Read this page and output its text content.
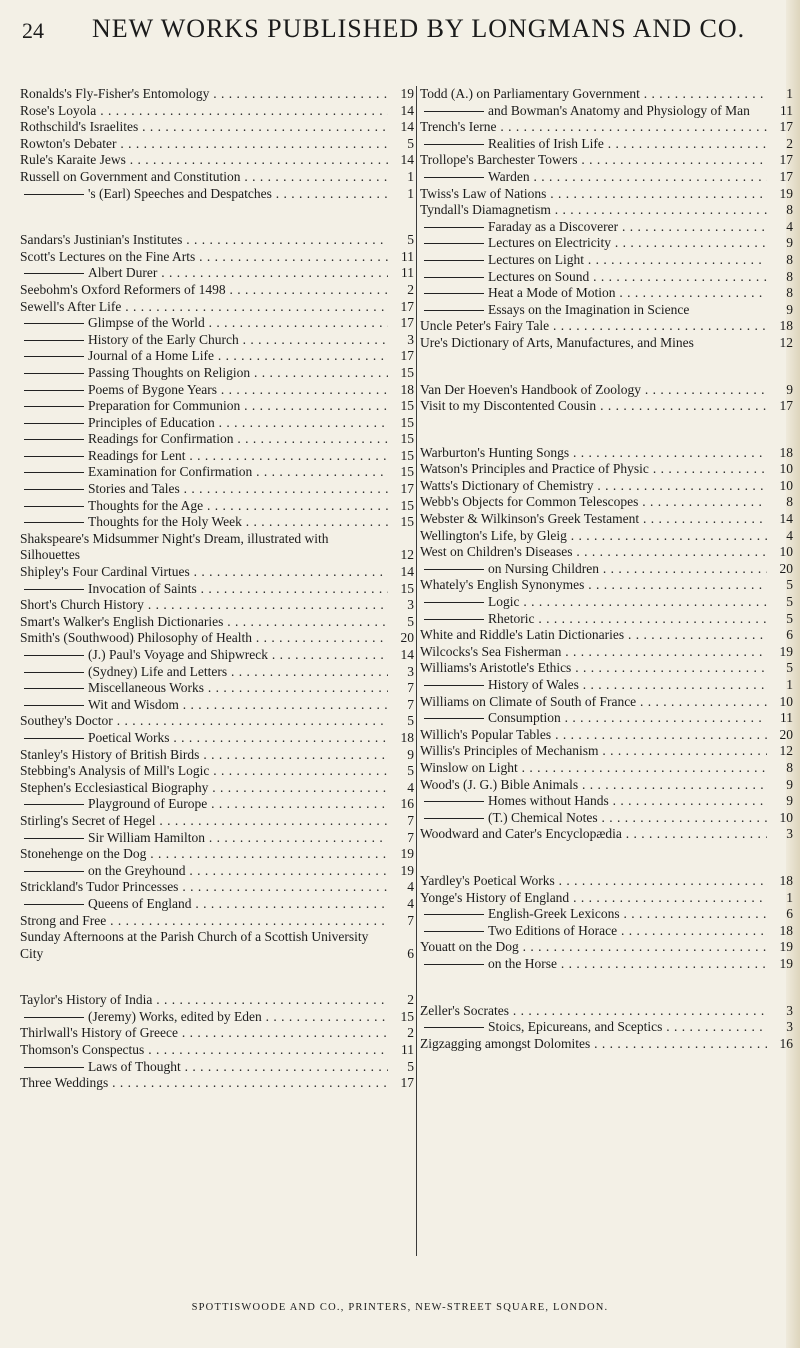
24 NEW WORKS PUBLISHED BY LONGMANS AND CO.
Ronalds's Fly-Fisher's Entomology . . .	19
Rose's Loyola . . .	14
Rothschild's Israelites . . .	14
Rowton's Debater . . .	5
Rule's Karaite Jews . . .	14
Russell on Government and Constitution . . .	1
's (Earl) Speeches and Despatches . . .	1
Sandars's Justinian's Institutes . . .	5
Scott's Lectures on the Fine Arts . . .	11
Albert Durer . . .	11
Seebohm's Oxford Reformers of 1498 . . .	2
Sewell's After Life . . .	17
Glimpse of the World . . .	17
History of the Early Church . . .	3
Journal of a Home Life . . .	17
Passing Thoughts on Religion . . .	15
Poems of Bygone Years . . .	18
Preparation for Communion . . .	15
Principles of Education . . .	15
Readings for Confirmation . . .	15
Readings for Lent . . .	15
Examination for Confirmation . . .	15
Stories and Tales . . .	17
Thoughts for the Age . . .	15
Thoughts for the Holy Week . . .	15
Shakspeare's Midsummer Night's Dream, illustrated with Silhouettes	12
Shipley's Four Cardinal Virtues . . .	14
Invocation of Saints . . .	15
Short's Church History . . .	3
Smart's Walker's English Dictionaries . . .	5
Smith's (Southwood) Philosophy of Health . . .	20
(J.) Paul's Voyage and Shipwreck . . .	14
(Sydney) Life and Letters . . .	3
Miscellaneous Works . . .	7
Wit and Wisdom . . .	7
Southey's Doctor . . .	5
Poetical Works . . .	18
Stanley's History of British Birds . . .	9
Stebbing's Analysis of Mill's Logic . . .	5
Stephen's Ecclesiastical Biography . . .	4
Playground of Europe . . .	16
Stirling's Secret of Hegel . . .	7
Sir William Hamilton . . .	7
Stonehenge on the Dog . . .	19
on the Greyhound . . .	19
Strickland's Tudor Princesses . . .	4
Queens of England . . .	4
Strong and Free . . .	7
Sunday Afternoons at the Parish Church of a Scottish University City	6
Taylor's History of India . . .	2
(Jeremy) Works, edited by Eden . . .	15
Thirlwall's History of Greece . . .	2
Thomson's Conspectus . . .	11
Laws of Thought . . .	5
Three Weddings . . .	17
Todd (A.) on Parliamentary Government . . .	1
and Bowman's Anatomy and Physiology of Man	11
Trench's Ierne . . .	17
Realities of Irish Life . . .	2
Trollope's Barchester Towers . . .	17
Warden . . .	17
Twiss's Law of Nations . . .	19
Tyndall's Diamagnetism . . .	8
Faraday as a Discoverer . . .	4
Lectures on Electricity . . .	9
Lectures on Light . . .	8
Lectures on Sound . . .	8
Heat a Mode of Motion . . .	8
Essays on the Imagination in Science	9
Uncle Peter's Fairy Tale . . .	18
Ure's Dictionary of Arts, Manufactures, and Mines	12
Van Der Hoeven's Handbook of Zoology . . .	9
Visit to my Discontented Cousin . . .	17
Warburton's Hunting Songs . . .	18
Watson's Principles and Practice of Physic . . .	10
Watts's Dictionary of Chemistry . . .	10
Webb's Objects for Common Telescopes . . .	8
Webster & Wilkinson's Greek Testament . . .	14
Wellington's Life, by Gleig . . .	4
West on Children's Diseases . . .	10
on Nursing Children . . .	20
Whately's English Synonymes . . .	5
Logic . . .	5
Rhetoric . . .	5
White and Riddle's Latin Dictionaries . . .	6
Wilcocks's Sea Fisherman . . .	19
Williams's Aristotle's Ethics . . .	5
History of Wales . . .	1
Williams on Climate of South of France . . .	10
Consumption . . .	11
Willich's Popular Tables . . .	20
Willis's Principles of Mechanism . . .	12
Winslow on Light . . .	8
Wood's (J. G.) Bible Animals . . .	9
Homes without Hands . . .	9
(T.) Chemical Notes . . .	10
Woodward and Cater's Encyclopædia . . .	3
Yardley's Poetical Works . . .	18
Yonge's History of England . . .	1
English-Greek Lexicons . . .	6
Two Editions of Horace . . .	18
Youatt on the Dog . . .	19
on the Horse . . .	19
Zeller's Socrates . . .	3
Stoics, Epicureans, and Sceptics . . .	3
Zigzagging amongst Dolomites . . .	16
SPOTTISWOODE AND CO., PRINTERS, NEW-STREET SQUARE, LONDON.
